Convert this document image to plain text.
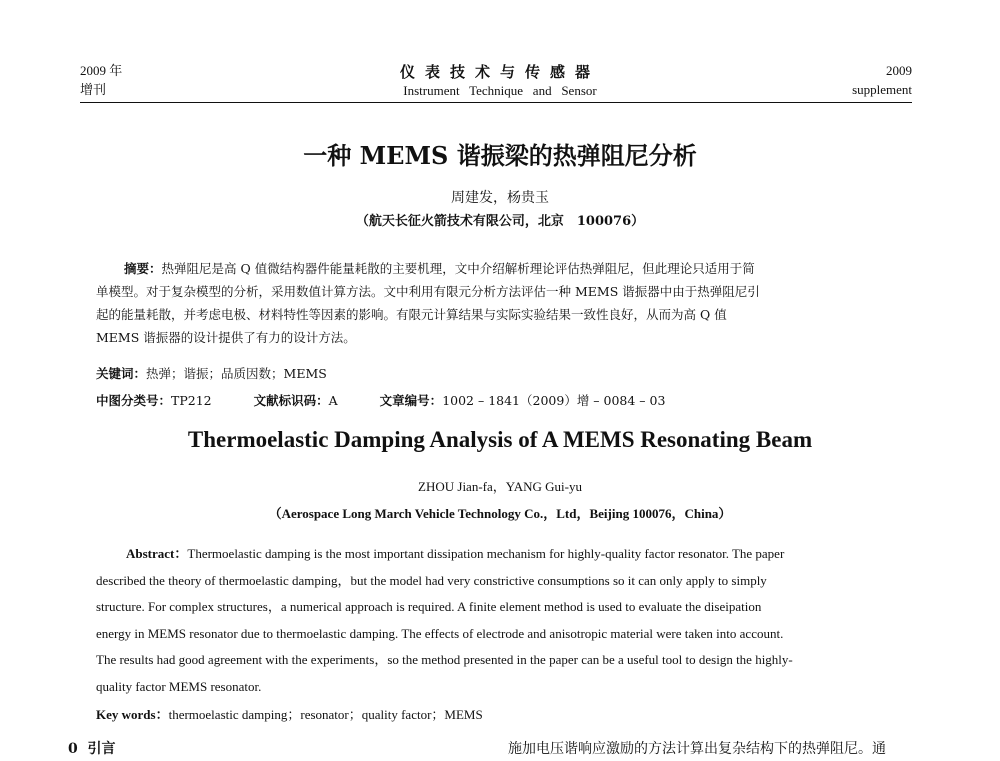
2009 年
增刊
仪表技术与传感器
Instrument   Technique   and   Sensor
2009
supplement
一种 MEMS 谐振梁的热弹阻尼分析
周建发，杨贵玉
（航天长征火箭技术有限公司，北京　100076）
摘要：热弹阻尼是高 Q 值微结构器件能量耗散的主要机理，文中介绍解析理论评估热弹阻尼，但此理论只适用于简
单模型。对于复杂模型的分析，采用数值计算方法。文中利用有限元分析方法评估一种 MEMS 谐振器中由于热弹阻尼引
起的能量耗散，并考虑电极、材料特性等因素的影响。有限元计算结果与实际实验结果一致性良好，从而为高 Q 值
MEMS 谐振器的设计提供了有力的设计方法。
关键词：热弹；谐振；品质因数；MEMS
中图分类号：TP212	文献标识码：A	文章编号：1002 – 1841（2009）增 – 0084 – 03
Thermoelastic Damping Analysis of A MEMS Resonating Beam
ZHOU Jian-fa，YANG Gui-yu
（Aerospace Long March Vehicle Technology Co.，Ltd，Beijing 100076，China）
Abstract：Thermoelastic damping is the most important dissipation mechanism for highly-quality factor resonator. The paper
described the theory of thermoelastic damping，but the model had very constrictive consumptions so it can only apply to simply
structure. For complex structures，a numerical approach is required. A finite element method is used to evaluate the diseipation
energy in MEMS resonator due to thermoelastic damping. The effects of electrode and anisotropic material were taken into account.
The results had good agreement with the experiments，so the method presented in the paper can be a useful tool to design the highly-
quality factor MEMS resonator.
Key words：thermoelastic damping；resonator；quality factor；MEMS
0 引言	施加电压谐响应激励的方法计算出复杂结构下的热弹阻尼。通
